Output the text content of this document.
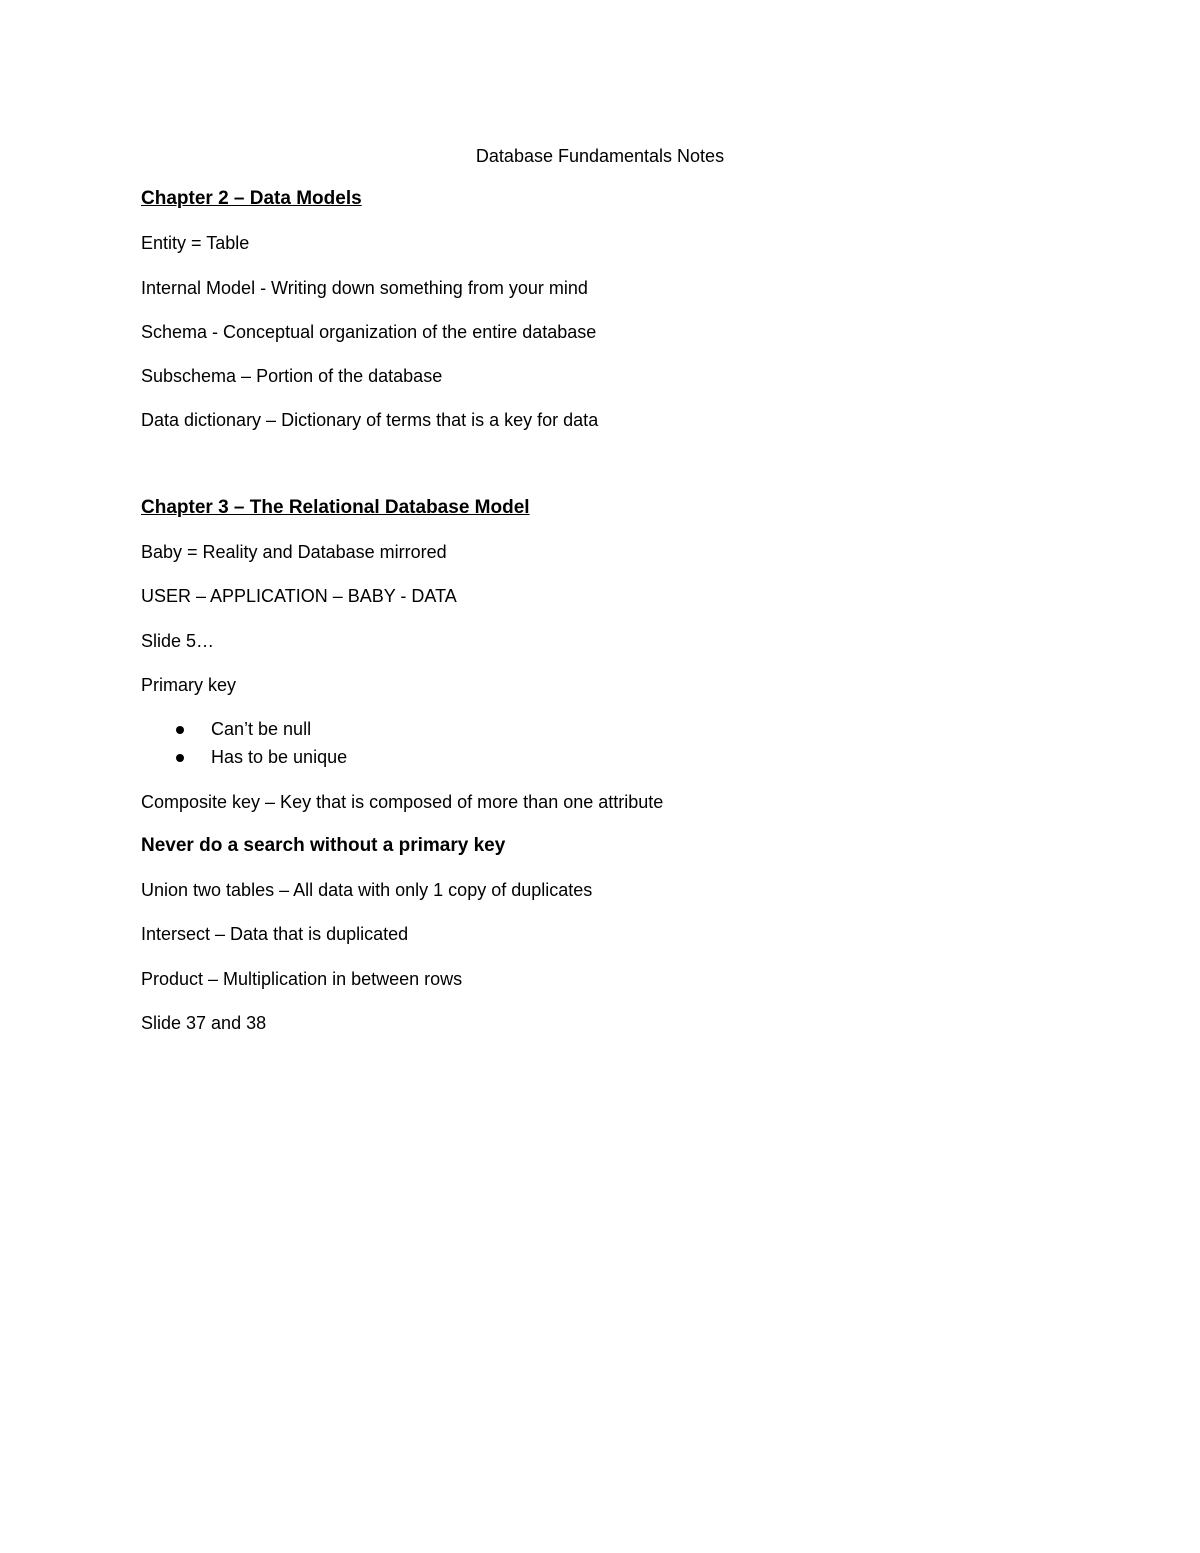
Database Fundamentals Notes
Chapter 2 – Data Models
Entity = Table
Internal Model - Writing down something from your mind
Schema - Conceptual organization of the entire database
Subschema – Portion of the database
Data dictionary – Dictionary of terms that is a key for data
Chapter 3 – The Relational Database Model
Baby = Reality and Database mirrored
USER – APPLICATION – BABY - DATA
Slide 5…
Primary key
Can’t be null
Has to be unique
Composite key – Key that is composed of more than one attribute
Never do a search without a primary key
Union two tables – All data with only 1 copy of duplicates
Intersect – Data that is duplicated
Product – Multiplication in between rows
Slide 37 and 38
